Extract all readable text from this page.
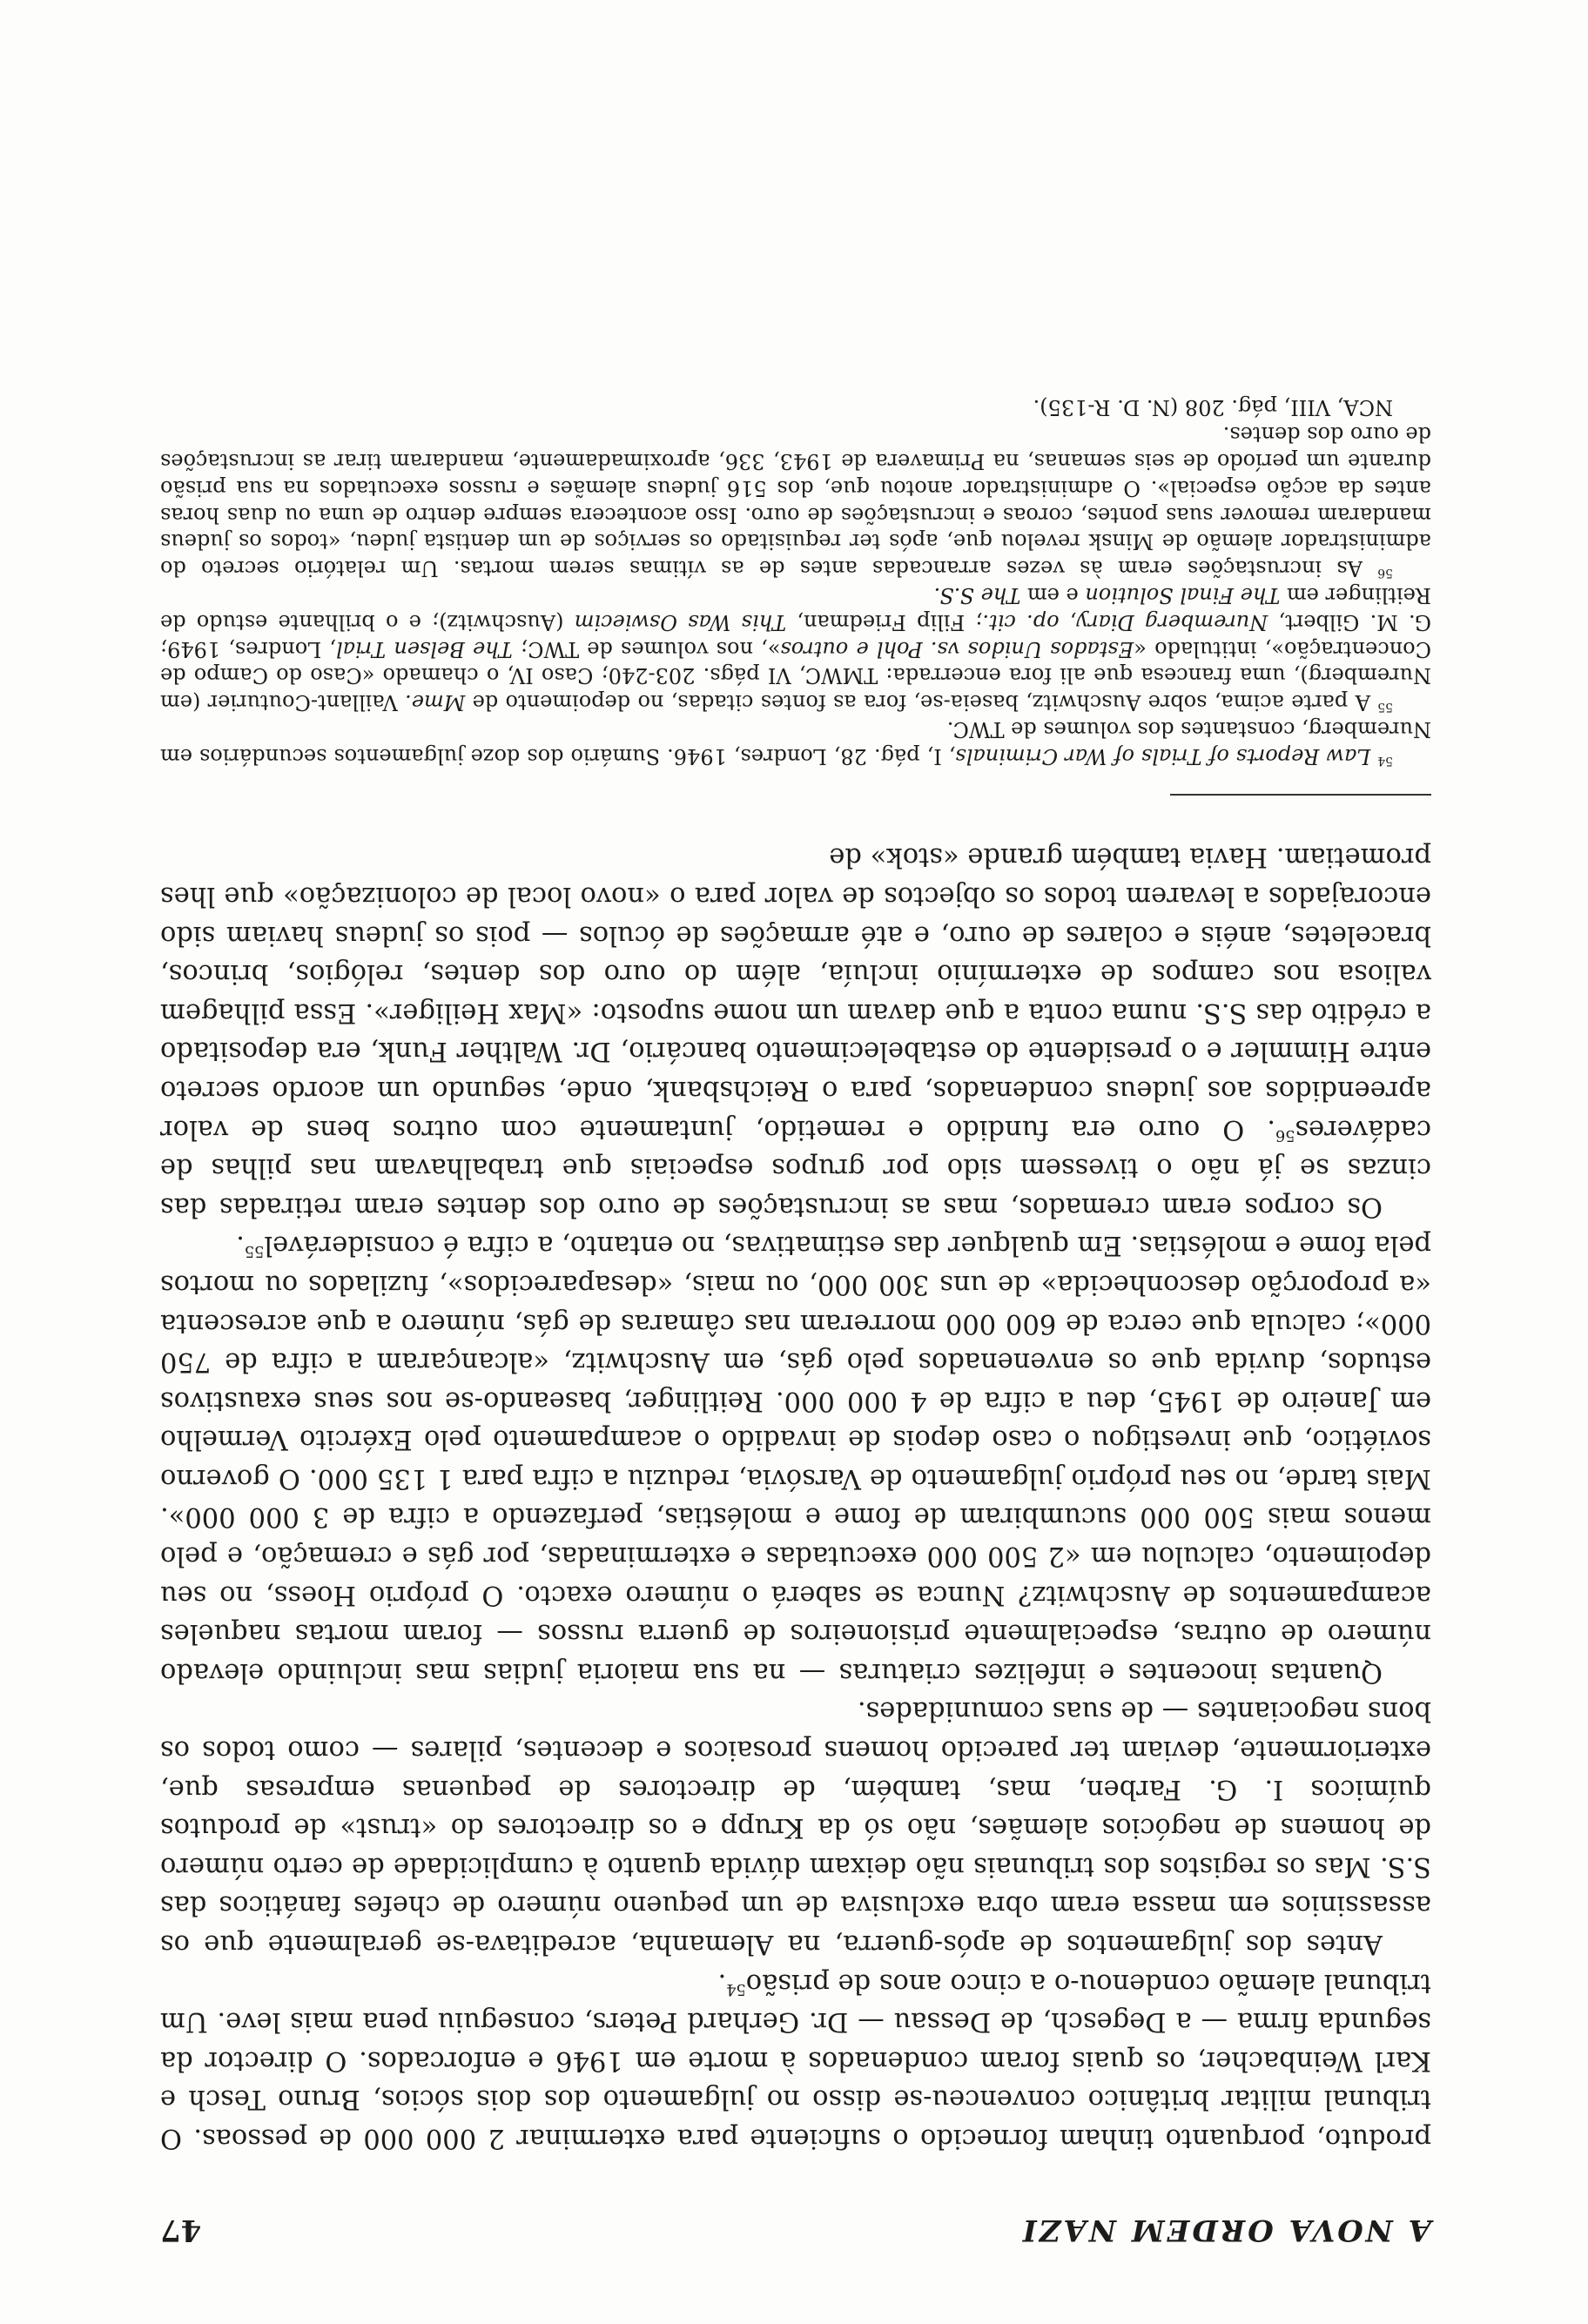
A NOVA ORDEM NAZI
47

produto, porquanto tinham fornecido o suficiente para exterminar 2 000 000 de pessoas. O tribunal militar britânico convenceu-se disso no julgamento dos dois sócios, Bruno Tesch e Karl Weinbacher, os quais foram condenados à morte em 1946 e enforcados. O director da segunda firma — a Degesch, de Dessau — Dr. Gerhard Peters, conseguiu pena mais leve. Um tribunal alemão condenou-o a cinco anos de prisão$^{54}$.

Antes dos julgamentos de após-guerra, na Alemanha, acreditava-se geralmente que os assassinios em massa eram obra exclusiva de um pequeno número de chefes fanáticos das S.S. Mas os registos dos tribunais não deixam dúvida quanto à cumplicidade de certo número de homens de negócios alemães, não só da Krupp e os directores do «trust» de produtos químicos I. G. Farben, mas, também, de directores de pequenas empresas que, exteriormente, deviam ter parecido homens prosaicos e decentes, pilares — como todos os bons negociantes — de suas comunidades.

Quantas inocentes e infelizes criaturas — na sua maioria judias mas incluindo elevado número de outras, especialmente prisioneiros de guerra russos — foram mortas naqueles acampamentos de Auschwitz? Nunca se saberá o número exacto. O próprio Hoess, no seu depoimento, calculou em «2 500 000 executadas e exterminadas, por gás e cremação, e pelo menos mais 500 000 sucumbiram de fome e moléstias, perfazendo a cifra de 3 000 000». Mais tarde, no seu próprio julgamento de Varsóvia, reduziu a cifra para 1 135 000. O governo soviético, que investigou o caso depois de invadido o acampamento pelo Exército Vermelho em Janeiro de 1945, deu a cifra de 4 000 000. Reitlinger, baseando-se nos seus exaustivos estudos, duvida que os envenenados pelo gás, em Auschwitz, «alcançaram a cifra de 750 000»; calcula que cerca de 600 000 morreram nas câmaras de gás, número a que acrescenta «a proporção desconhecida» de uns 300 000, ou mais, «desaparecidos», fuzilados ou mortos pela fome e moléstias. Em qualquer das estimativas, no entanto, a cifra é considerável$^{55}$.

Os corpos eram cremados, mas as incrustações de ouro dos dentes eram retiradas das cinzas se já não o tivessem sido por grupos especiais que trabalhavam nas pilhas de cadáveres$^{56}$. O ouro era fundido e remetido, juntamente com outros bens de valor apreendidos aos judeus condenados, para o Reichsbank, onde, segundo um acordo secreto entre Himmler e o presidente do estabelecimento bancário, Dr. Walther Funk, era depositado a crédito das S.S. numa conta a que davam um nome suposto: «Max Heiliger». Essa pilhagem valiosa nos campos de extermínio incluía, além do ouro dos dentes, relógios, brincos, braceletes, anéis e colares de ouro, e até armações de óculos — pois os judeus haviam sido encorajados a levarem todos os objectos de valor para o «novo local de colonização» que lhes prometiam. Havia também grande «stok» de

$^{54}$ Law Reports of Trials of War Criminals, I, pág. 28, Londres, 1946. Sumário dos doze julgamentos secundários em Nuremberg, constantes dos volumes de TWC.

$^{55}$ A parte acima, sobre Auschwitz, baseia-se, fora as fontes citadas, no depoimento de Mme. Vaillant-Couturier (em Nuremberg), uma francesa que ali fora encerrada: TMWC, VI págs. 203-240; Caso IV, o chamado «Caso do Campo de Concentração», intitulado «Estados Unidos vs. Pohl e outros», nos volumes de TWC; The Belsen Trial, Londres, 1949; G. M. Gilbert, Nuremberg Diary, op. cit.; Filip Friedman, This Was Oswiecim (Auschwitz); e o brilhante estudo de Reitlinger em The Final Solution e em The S.S.

$^{56}$ As incrustações eram às vezes arrancadas antes de as vítimas serem mortas. Um relatório secreto do administrador alemão de Minsk revelou que, após ter requisitado os serviços de um dentista judeu, «todos os judeus mandaram remover suas pontes, coroas e incrustações de ouro. Isso acontecera sempre dentro de uma ou duas horas antes da acção especial». O administrador anotou que, dos 516 judeus alemães e russos executados na sua prisão durante um período de seis semanas, na Primavera de 1943, 336, aproximadamente, mandaram tirar as incrustações de ouro dos dentes.

NCA, VIII, pág. 208 (N. D. R-135).
